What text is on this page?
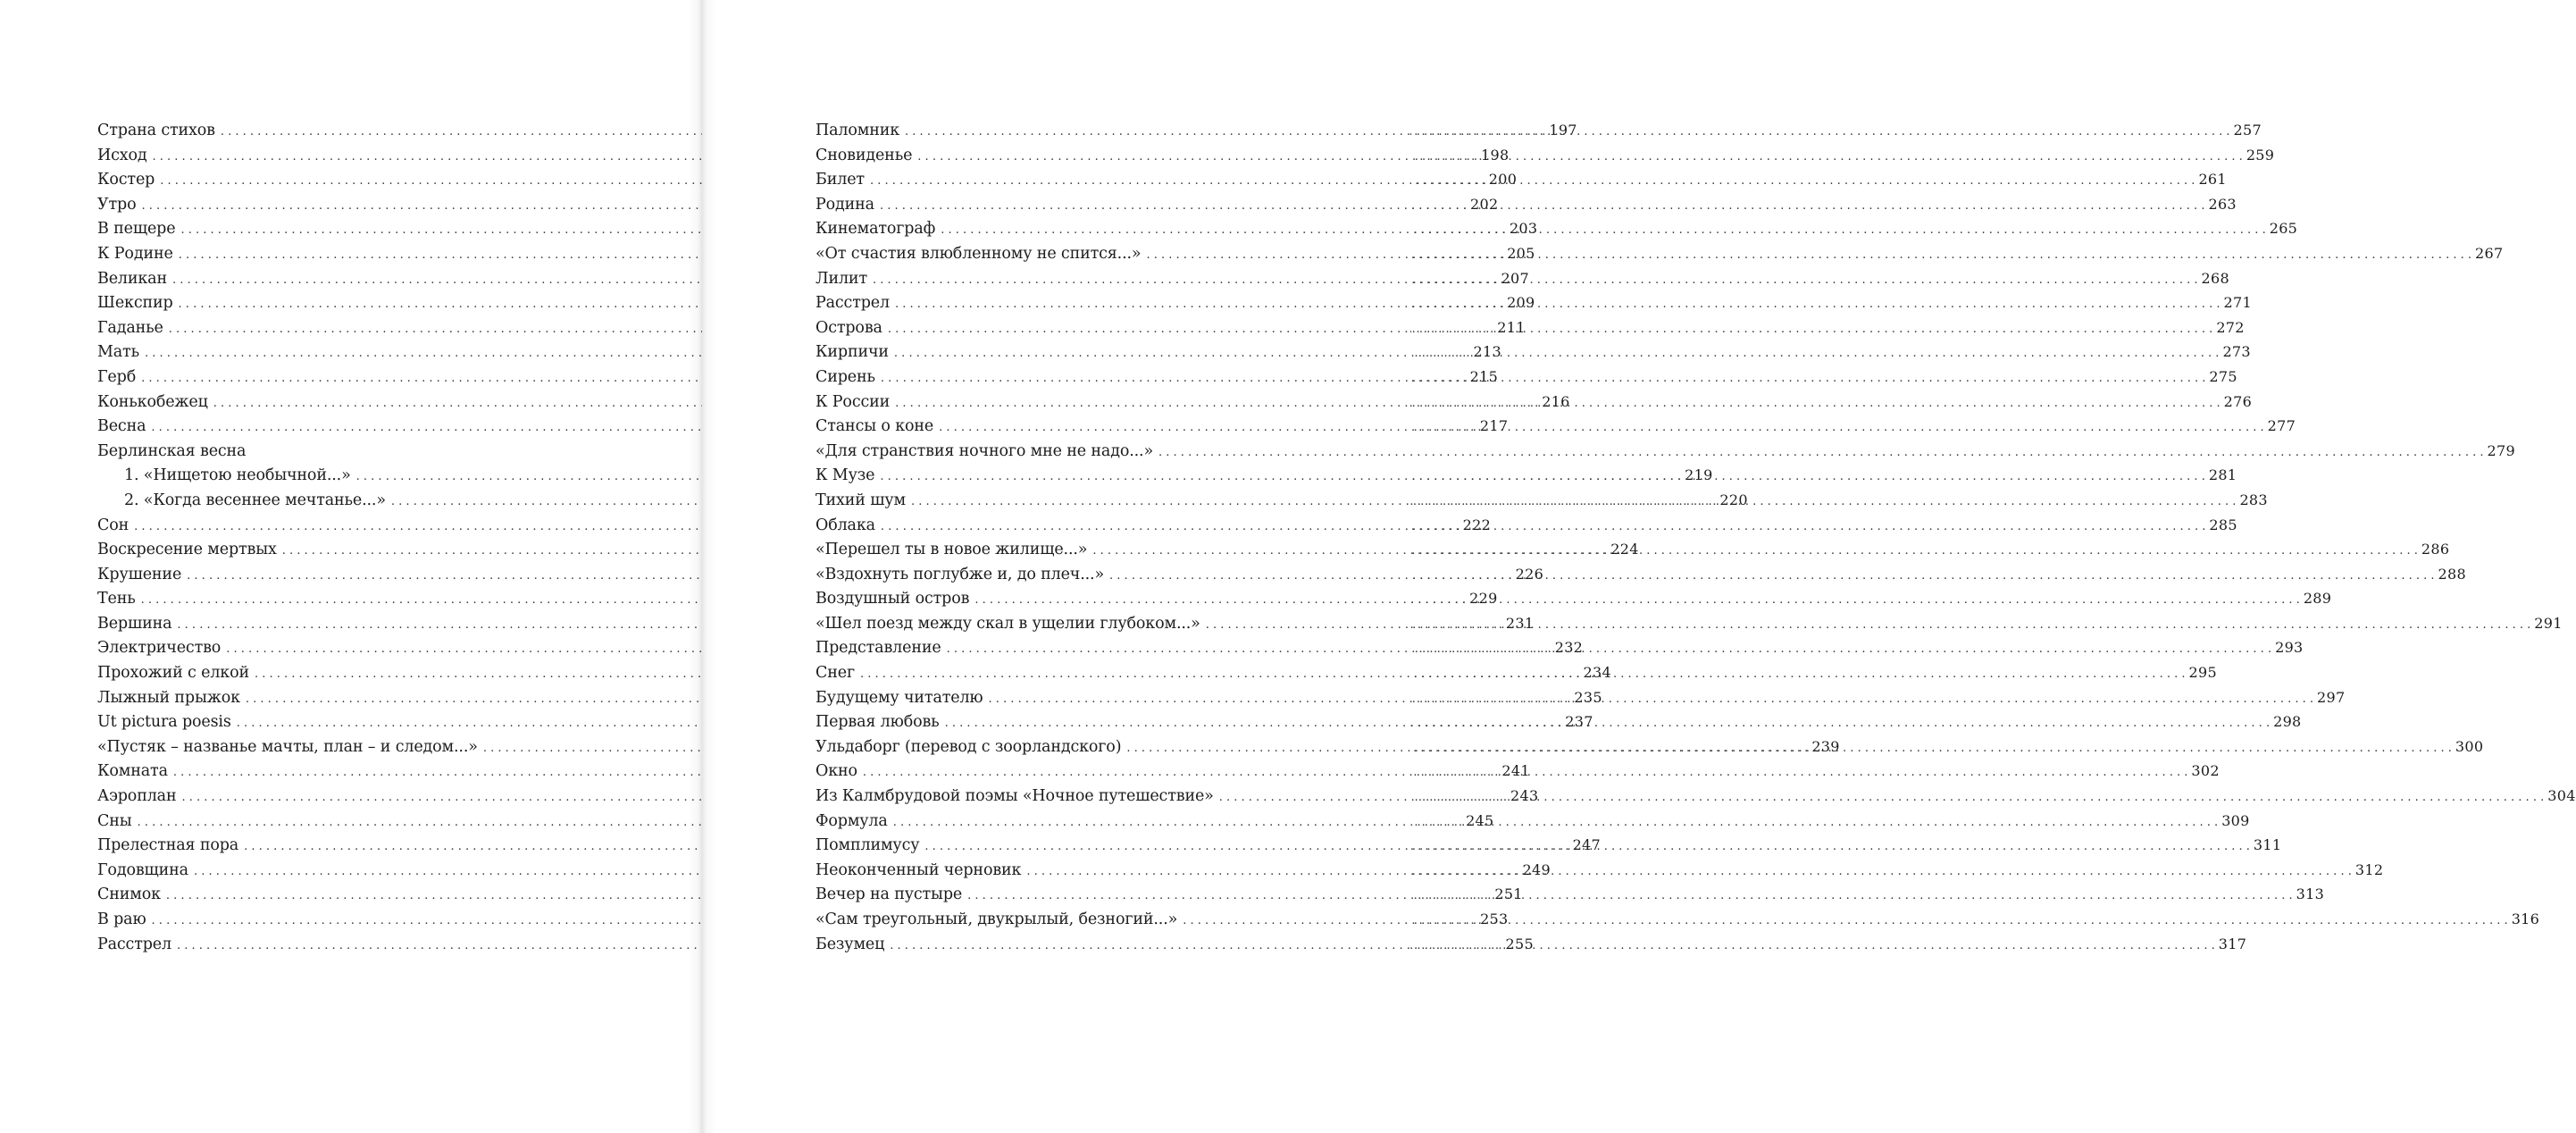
Страна стихов . . .	197
Исход . . .	198
Костер . . .	200
Утро . . .	202
В пещере . . .	203
К Родине . . .	205
Великан . . .	207
Шекспир . . .	209
Гаданье . . .	211
Мать . . .	213
Герб . . .	215
Конькобежец . . .	216
Весна . . .	217
Берлинская весна
1. «Нищетою необычной...» . . .	219
2. «Когда весеннее мечтанье...» . . .	220
Сон . . .	222
Воскресение мертвых . . .	224
Крушение . . .	226
Тень . . .	229
Вершина . . .	231
Электричество . . .	232
Прохожий с елкой . . .	234
Лыжный прыжок . . .	235
Ut pictura poesis . . .	237
«Пустяк – названье мачты, план – и следом...» . . .	239
Комната . . .	241
Аэроплан . . .	243
Сны . . .	245
Прелестная пора . . .	247
Годовщина . . .	249
Снимок . . .	251
В раю . . .	253
Расстрел . . .	255
Паломник . . .	257
Сновиденье . . .	259
Билет . . .	261
Родина . . .	263
Кинематограф . . .	265
«От счастия влюбленному не спится...» . . .	267
Лилит . . .	268
Расстрел . . .	271
Острова . . .	272
Кирпичи . . .	273
Сирень . . .	275
К России . . .	276
Стансы о коне . . .	277
«Для странствия ночного мне не надо...» . . .	279
К Музе . . .	281
Тихий шум . . .	283
Облака . . .	285
«Перешел ты в новое жилище...» . . .	286
«Вздохнуть поглубже и, до плеч...» . . .	288
Воздушный остров . . .	289
«Шел поезд между скал в ущелии глубоком...» . . .	291
Представление . . .	293
Снег . . .	295
Будущему читателю . . .	297
Первая любовь . . .	298
Ульдаборг (перевод с зоорландского) . . .	300
Окно . . .	302
Из Калмбрудовой поэмы «Ночное путешествие» . . .	304
Формула . . .	309
Помплимусу . . .	311
Неоконченный черновик . . .	312
Вечер на пустыре . . .	313
«Сам треугольный, двукрылый, безногий...» . . .	316
Безумец . . .	317
